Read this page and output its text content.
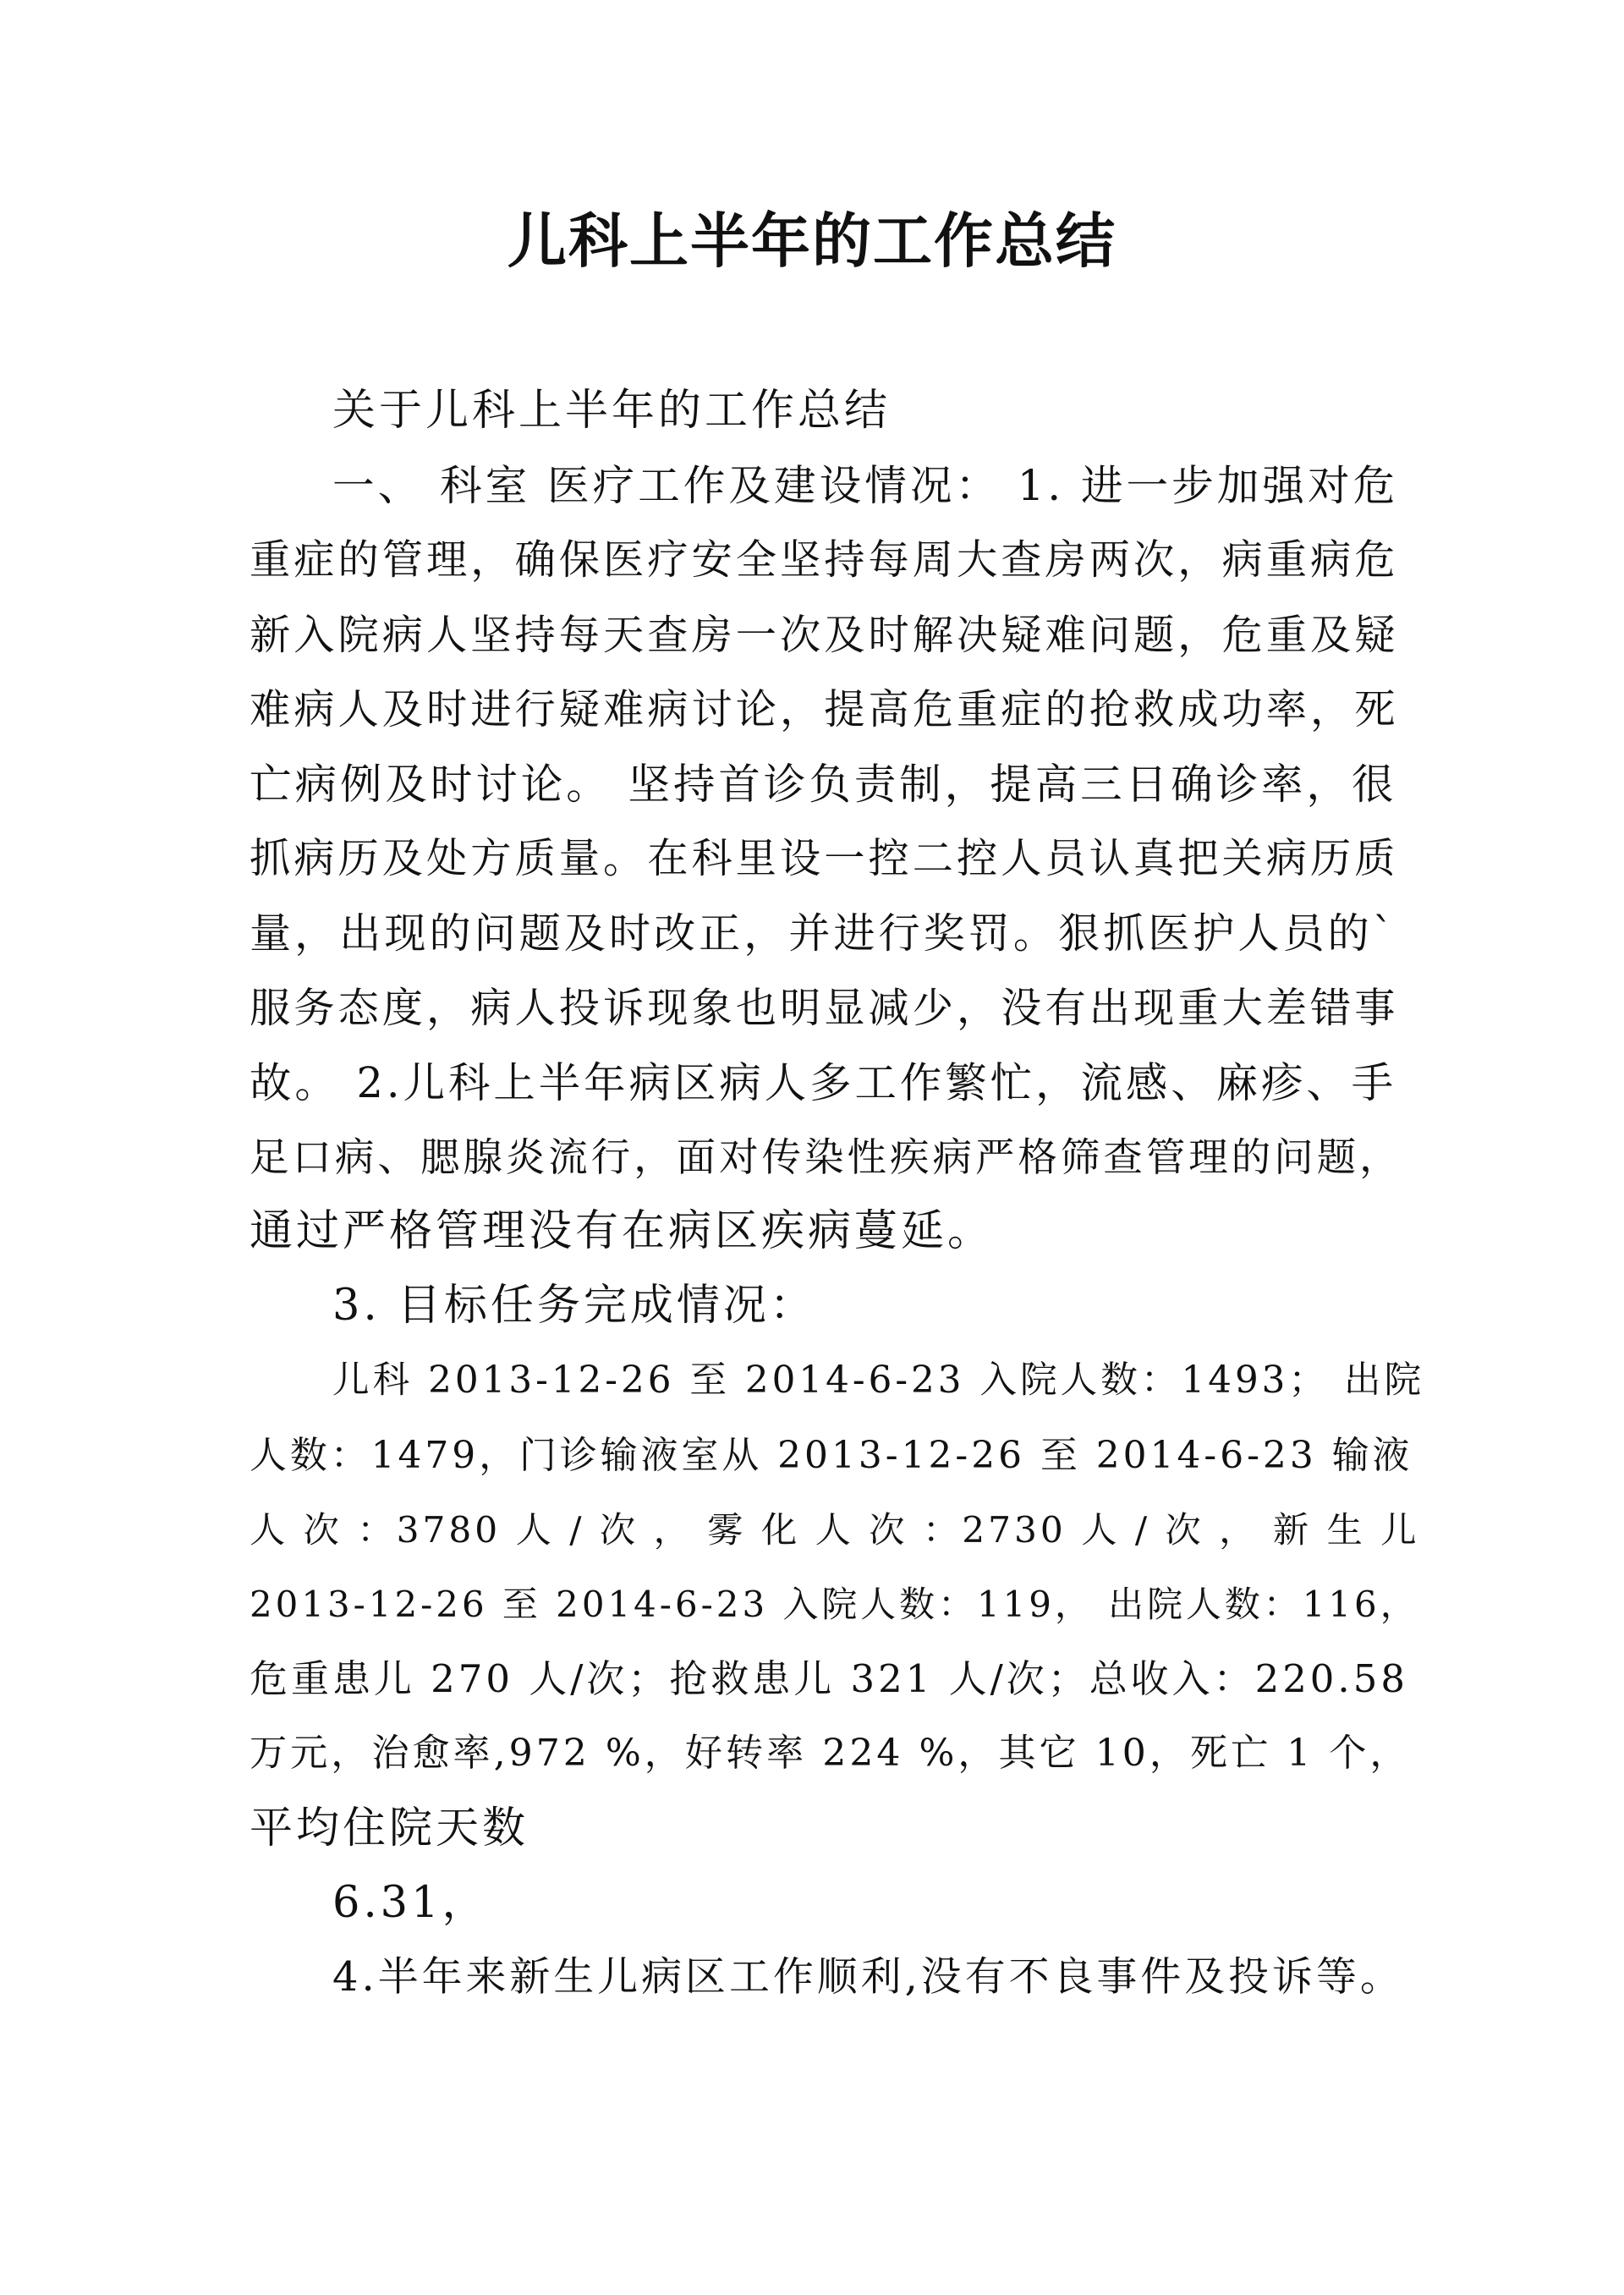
儿科上半年的工作总结
关于儿科上半年的工作总结
一、 科室 医疗工作及建设情况： 1. 进一步加强对危
重症的管理，确保医疗安全坚持每周大查房两次，病重病危
新入院病人坚持每天查房一次及时解决疑难问题，危重及疑
难病人及时进行疑难病讨论，提高危重症的抢救成功率，死
亡病例及时讨论。 坚持首诊负责制，提高三日确诊率，很
抓病历及处方质量。在科里设一控二控人员认真把关病历质
量，出现的问题及时改正，并进行奖罚。狠抓医护人员的`
服务态度，病人投诉现象也明显减少，没有出现重大差错事
故。 2.儿科上半年病区病人多工作繁忙，流感、麻疹、手
足口病、腮腺炎流行，面对传染性疾病严格筛查管理的问题，
通过严格管理没有在病区疾病蔓延。
3. 目标任务完成情况：
儿科 2013-12-26 至 2014-6-23 入院人数：1493； 出院
人数：1479，门诊输液室从 2013-12-26 至 2014-6-23 输液
人 次 ：3780 人 / 次 ， 雾 化 人 次 ：2730 人 / 次 ， 新 生 儿
2013-12-26 至 2014-6-23 入院人数：119， 出院人数：116，
危重患儿 270 人/次；抢救患儿 321 人/次；总收入：220.58
万元，治愈率,972 %，好转率 224 %，其它 10，死亡 1 个，
平均住院天数
6.31，
4.半年来新生儿病区工作顺利,没有不良事件及投诉等。
